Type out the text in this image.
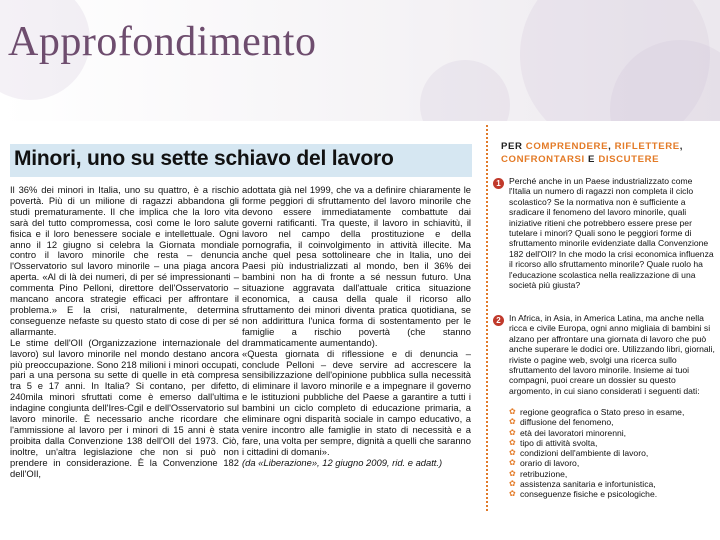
Approfondimento
Minori, uno su sette schiavo del lavoro

Il 36% dei minori in Italia, uno su quattro, è a rischio povertà. Più di un milione di ragazzi abbandona gli studi prematuramente. Il che implica che la loro vita sarà del tutto compromessa, così come le loro salute fisica e il loro benessere sociale e intellettuale. Ogni anno il 12 giugno si celebra la Giornata mondiale contro il lavoro minorile che resta – denuncia l'Osservatorio sul lavoro minorile – una piaga ancora aperta. «Al di là dei numeri, di per sé impressionanti – commenta Pino Pelloni, direttore dell'Osservatorio – mancano ancora strategie efficaci per affrontare il problema.» E la crisi, naturalmente, determina conseguenze nefaste su questo stato di cose di per sé allarmante.

Le stime dell'OIl (Organizzazione internazionale del lavoro) sul lavoro minorile nel mondo destano ancora più preoccupazione. Sono 218 milioni i minori occupati, pari a una persona su sette di quelle in età compresa tra 5 e 17 anni. In Italia? Si contano, per difetto, 240mila minori sfruttati come è emerso dall'ultima indagine congiunta dell'Ires-Cgil e dell'Osservatorio sul lavoro minorile. È necessario anche ricordare che l'ammissione al lavoro per i minori di 15 anni è stata proibita dalla Convenzione 138 dell'OIl del 1973. Ciò, inoltre, un'altra legislazione che non si può non prendere in considerazione. È la Convenzione 182 dell'OIl,

adottata già nel 1999, che va a definire chiaramente le forme peggiori di sfruttamento del lavoro minorile che devono essere immediatamente combattute dai governi ratificanti. Tra queste, il lavoro in schiavitù, il lavoro nel campo della prostituzione e della pornografia, il coinvolgimento in attività illecite. Ma anche quel pesa sottolineare che in Italia, uno dei Paesi più industrializzati al mondo, ben il 36% dei bambini non ha di fronte a sé nessun futuro. Una situazione aggravata dall'attuale critica situazione economica, a causa della quale il ricorso allo sfruttamento dei minori diventa pratica quotidiana, se non addirittura l'unica forma di sostentamento per le famiglie a rischio povertà (che stanno drammaticamente aumentando).

«Questa giornata di riflessione e di denuncia – conclude Pelloni – deve servire ad accrescere la sensibilizzazione dell'opinione pubblica sulla necessità di eliminare il lavoro minorile e a impegnare il governo e le istituzioni pubbliche del Paese a garantire a tutti i bambini un ciclo completo di educazione primaria, a eliminare ogni disparità sociale in campo educativo, a venire incontro alle famiglie in stato di necessità e a fare, una volta per sempre, dignità a quelli che saranno i cittadini di domani».

(da «Liberazione», 12 giugno 2009, rid. e adatt.)

PER COMPRENDERE, RIFLETTERE,
CONFRONTARSI E DISCUTERE

1 Perché anche in un Paese industrializzato come l'Italia un numero di ragazzi non completa il ciclo scolastico? Se la normativa non è sufficiente a sradicare il fenomeno del lavoro minorile, quali iniziative ritieni che potrebbero essere prese per tutelare i minori? Quali sono le peggiori forme di sfruttamento minorile evidenziate dalla Convenzione 182 dell'OIl? In che modo la crisi economica influenza il ricorso allo sfruttamento minorile? Quale ruolo ha l'educazione scolastica nella realizzazione di una società più giusta?

2 In Africa, in Asia, in America Latina, ma anche nella ricca e civile Europa, ogni anno migliaia di bambini si alzano per affrontare una giornata di lavoro che può anche superare le dodici ore. Utilizzando libri, giornali, riviste o pagine web, svolgi una ricerca sullo sfruttamento del lavoro minorile. Insieme ai tuoi compagni, puoi creare un dossier su questo argomento, in cui siano considerati i seguenti dati:

✿ regione geografica o Stato preso in esame,
✿ diffusione del fenomeno,
✿ età dei lavoratori minorenni,
✿ tipo di attività svolta,
✿ condizioni dell'ambiente di lavoro,
✿ orario di lavoro,
✿ retribuzione,
✿ assistenza sanitaria e infortunistica,
✿ conseguenze fisiche e psicologiche.
